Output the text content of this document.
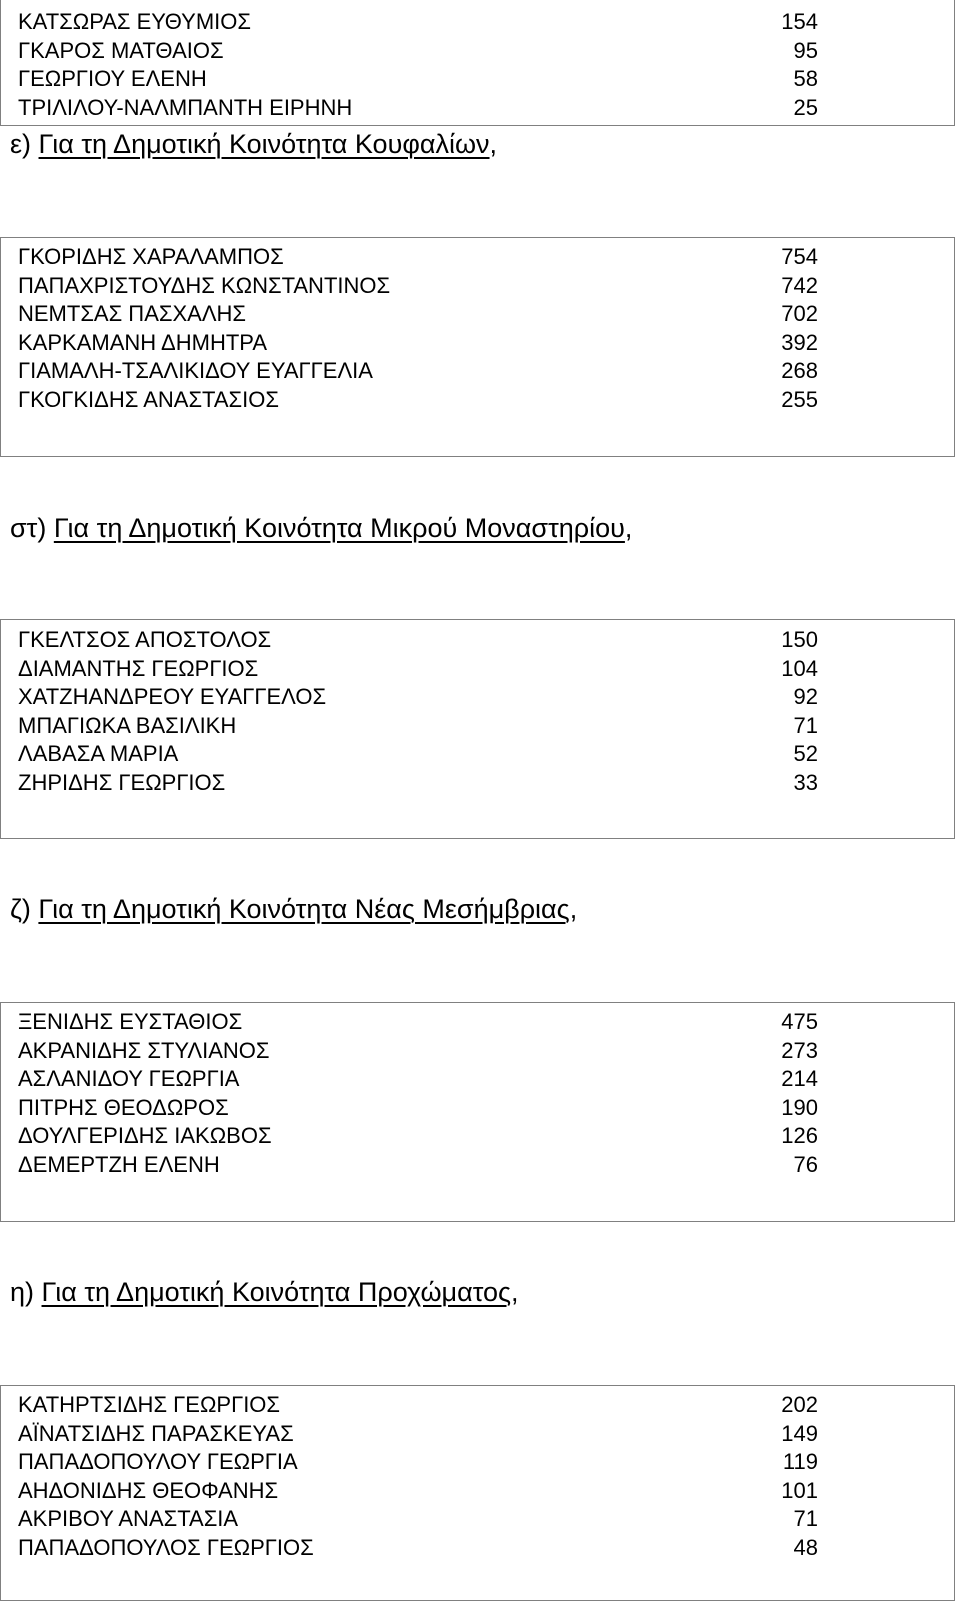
ΚΑΤΣΩΡΑΣ ΕΥΘΥΜΙΟΣ	154
ΓΚΑΡΟΣ ΜΑΤΘΑΙΟΣ	95
ΓΕΩΡΓΙΟΥ ΕΛΕΝΗ	58
ΤΡΙΛΙΛΟΥ-ΝΑΛΜΠΑΝΤΗ ΕΙΡΗΝΗ	25
ε) Για τη Δημοτική Κοινότητα Κουφαλίων,
ΓΚΟΡΙΔΗΣ ΧΑΡΑΛΑΜΠΟΣ	754
ΠΑΠΑΧΡΙΣΤΟΥΔΗΣ ΚΩΝΣΤΑΝΤΙΝΟΣ	742
ΝΕΜΤΣΑΣ ΠΑΣΧΑΛΗΣ	702
ΚΑΡΚΑΜΑΝΗ ΔΗΜΗΤΡΑ	392
ΓΙΑΜΑΛΗ-ΤΣΑΛΙΚΙΔΟΥ ΕΥΑΓΓΕΛΙΑ	268
ΓΚΟΓΚΙΔΗΣ ΑΝΑΣΤΑΣΙΟΣ	255
στ) Για τη Δημοτική Κοινότητα Μικρού Μοναστηρίου,
ΓΚΕΛΤΣΟΣ ΑΠΟΣΤΟΛΟΣ	150
ΔΙΑΜΑΝΤΗΣ ΓΕΩΡΓΙΟΣ	104
ΧΑΤΖΗΑΝΔΡΕΟΥ ΕΥΑΓΓΕΛΟΣ	92
ΜΠΑΓΙΩΚΑ ΒΑΣΙΛΙΚΗ	71
ΛΑΒΑΣΑ ΜΑΡΙΑ	52
ΖΗΡΙΔΗΣ ΓΕΩΡΓΙΟΣ	33
ζ) Για τη Δημοτική Κοινότητα Νέας Μεσήμβριας,
ΞΕΝΙΔΗΣ ΕΥΣΤΑΘΙΟΣ	475
ΑΚΡΑΝΙΔΗΣ ΣΤΥΛΙΑΝΟΣ	273
ΑΣΛΑΝΙΔΟΥ ΓΕΩΡΓΙΑ	214
ΠΙΤΡΗΣ ΘΕΟΔΩΡΟΣ	190
ΔΟΥΛΓΕΡΙΔΗΣ ΙΑΚΩΒΟΣ	126
ΔΕΜΕΡΤΖΗ ΕΛΕΝΗ	76
η) Για τη Δημοτική Κοινότητα Προχώματος,
ΚΑΤΗΡΤΣΙΔΗΣ ΓΕΩΡΓΙΟΣ	202
ΑΪΝΑΤΣΙΔΗΣ ΠΑΡΑΣΚΕΥΑΣ	149
ΠΑΠΑΔΟΠΟΥΛΟΥ ΓΕΩΡΓΙΑ	119
ΑΗΔΟΝΙΔΗΣ ΘΕΟΦΑΝΗΣ	101
ΑΚΡΙΒΟΥ ΑΝΑΣΤΑΣΙΑ	71
ΠΑΠΑΔΟΠΟΥΛΟΣ ΓΕΩΡΓΙΟΣ	48
